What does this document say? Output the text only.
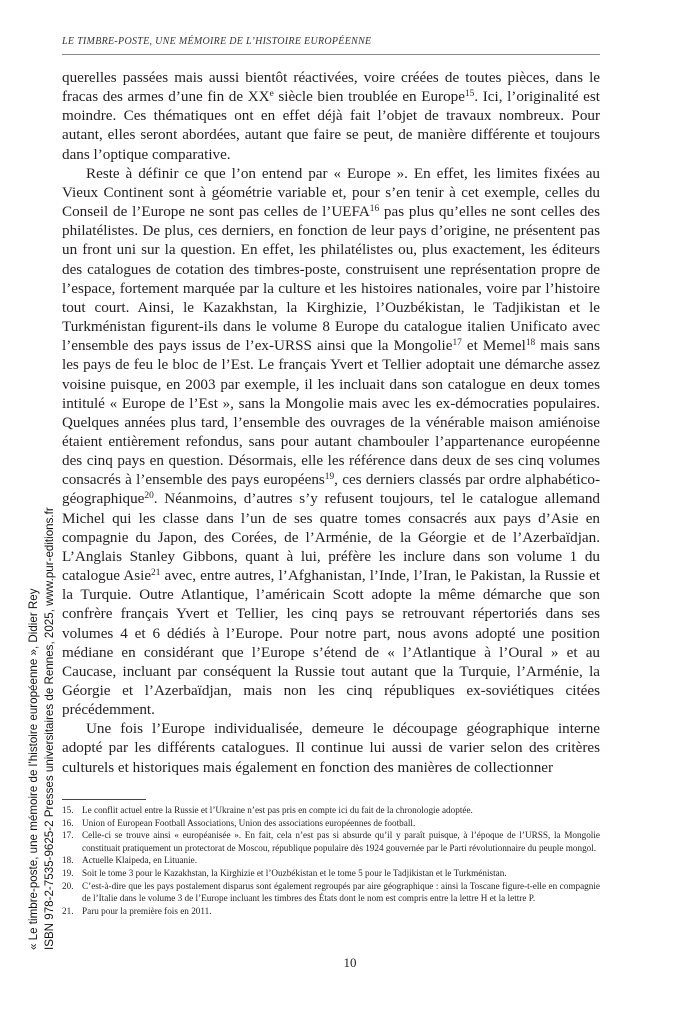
LE TIMBRE-POSTE, UNE MÉMOIRE DE L’HISTOIRE EUROPÉENNE

querelles passées mais aussi bientôt réactivées, voire créées de toutes pièces, dans le fracas des armes d’une fin de XXe siècle bien troublée en Europe$^{15}$. Ici, l’originalité est moindre. Ces thématiques ont en effet déjà fait l’objet de travaux nombreux. Pour autant, elles seront abordées, autant que faire se peut, de manière différente et toujours dans l’optique comparative.

Reste à définir ce que l’on entend par « Europe ». En effet, les limites fixées au Vieux Continent sont à géométrie variable et, pour s’en tenir à cet exemple, celles du Conseil de l’Europe ne sont pas celles de l’UEFA$^{16}$ pas plus qu’elles ne sont celles des philatélistes. De plus, ces derniers, en fonction de leur pays d’origine, ne présentent pas un front uni sur la question. En effet, les philatélistes ou, plus exactement, les éditeurs des catalogues de cotation des timbres-poste, construisent une représentation propre de l’espace, fortement marquée par la culture et les histoires nationales, voire par l’histoire tout court. Ainsi, le Kazakhstan, la Kirghizie, l’Ouzbékistan, le Tadjikistan et le Turkménistan figurent-ils dans le volume 8 Europe du catalogue italien Unificato avec l’ensemble des pays issus de l’ex-URSS ainsi que la Mongolie$^{17}$ et Memel$^{18}$ mais sans les pays de feu le bloc de l’Est. Le français Yvert et Tellier adoptait une démarche assez voisine puisque, en 2003 par exemple, il les incluait dans son catalogue en deux tomes intitulé « Europe de l’Est », sans la Mongolie mais avec les ex-démocraties populaires. Quelques années plus tard, l’ensemble des ouvrages de la vénérable maison amiénoise étaient entièrement refondus, sans pour autant chambouler l’appartenance européenne des cinq pays en question. Désormais, elle les référence dans deux de ses cinq volumes consacrés à l’ensemble des pays européens$^{19}$, ces derniers classés par ordre alphabético-géographique$^{20}$. Néanmoins, d’autres s’y refusent toujours, tel le catalogue allemand Michel qui les classe dans l’un de ses quatre tomes consacrés aux pays d’Asie en compagnie du Japon, des Corées, de l’Arménie, de la Géorgie et de l’Azerbaïdjan. L’Anglais Stanley Gibbons, quant à lui, préfère les inclure dans son volume 1 du catalogue Asie$^{21}$ avec, entre autres, l’Afghanistan, l’Inde, l’Iran, le Pakistan, la Russie et la Turquie. Outre Atlantique, l’américain Scott adopte la même démarche que son confrère français Yvert et Tellier, les cinq pays se retrouvant répertoriés dans ses volumes 4 et 6 dédiés à l’Europe. Pour notre part, nous avons adopté une position médiane en considérant que l’Europe s’étend de « l’Atlantique à l’Oural » et au Caucase, incluant par conséquent la Russie tout autant que la Turquie, l’Arménie, la Géorgie et l’Azerbaïdjan, mais non les cinq républiques ex-soviétiques citées précédemment.

Une fois l’Europe individualisée, demeure le découpage géographique interne adopté par les différents catalogues. Il continue lui aussi de varier selon des critères culturels et historiques mais également en fonction des manières de collectionner

15. Le conflit actuel entre la Russie et l’Ukraine n’est pas pris en compte ici du fait de la chronologie adoptée.
16. Union of European Football Associations, Union des associations européennes de football.
17. Celle-ci se trouve ainsi « européanisée ». En fait, cela n’est pas si absurde qu’il y paraît puisque, à l’époque de l’URSS, la Mongolie constituait pratiquement un protectorat de Moscou, république populaire dès 1924 gouvernée par le Parti révolutionnaire du peuple mongol.
18. Actuelle Klaipeda, en Lituanie.
19. Soit le tome 3 pour le Kazakhstan, la Kirghizie et l’Ouzbékistan et le tome 5 pour le Tadjikistan et le Turkménistan.
20. C’est-à-dire que les pays postalement disparus sont également regroupés par aire géographique : ainsi la Toscane figure-t-elle en compagnie de l’Italie dans le volume 3 de l’Europe incluant les timbres des États dont le nom est compris entre la lettre H et la lettre P.
21. Paru pour la première fois en 2011.
10
« Le timbre-poste, une mémoire de l’histoire européenne », Didier Rey ISBN 978-2-7535-9625-2 Presses universitaires de Rennes, 2025, www.pur-editions.fr
